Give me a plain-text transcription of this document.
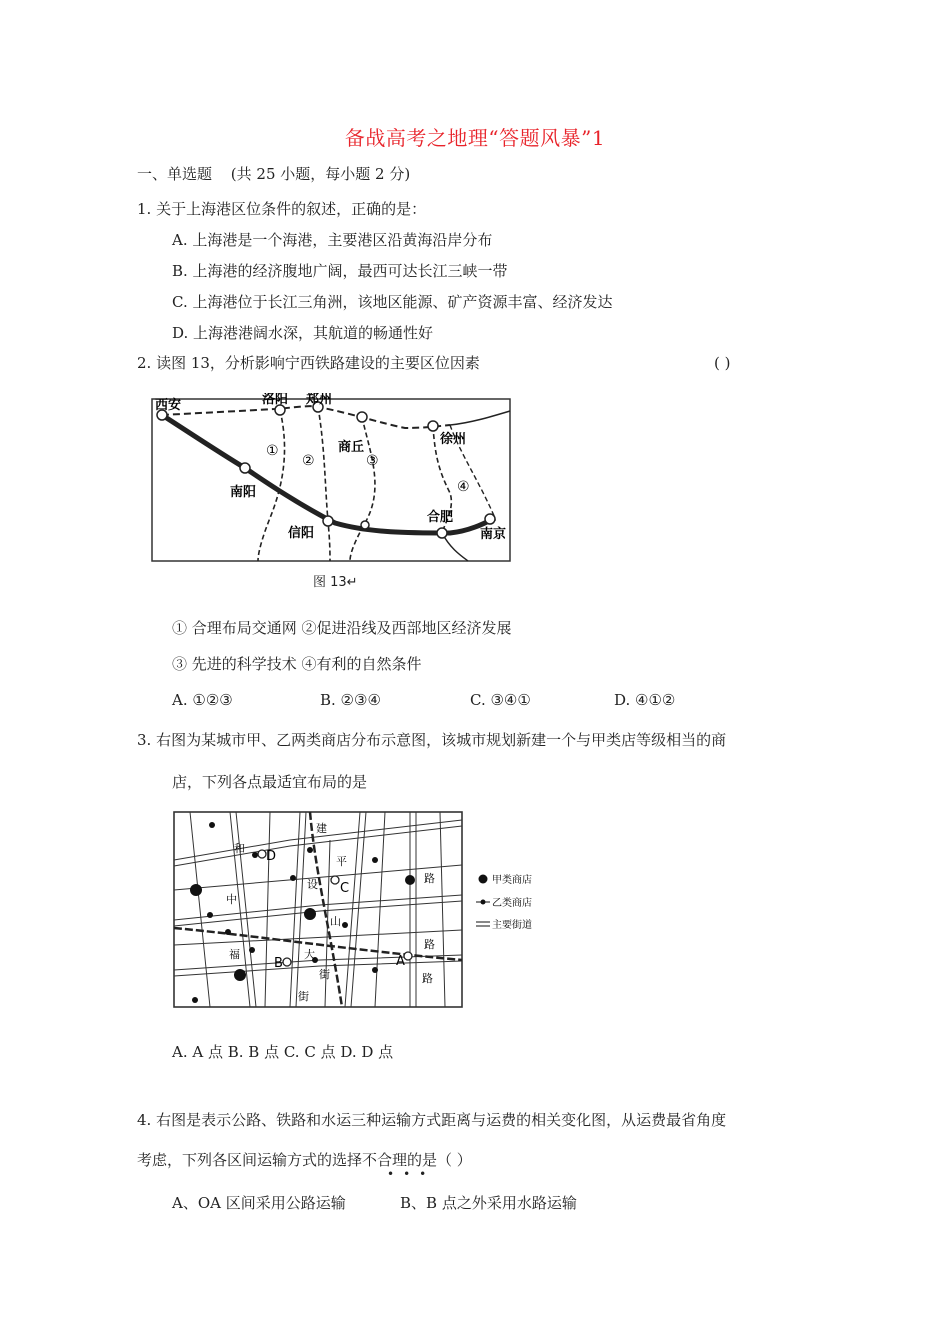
备战高考之地理“答题风暴”1
一、单选题 (共 25 小题，每小题 2 分)
1. 关于上海港区位条件的叙述，正确的是：
A. 上海港是一个海港，主要港区沿黄海沿岸分布
B. 上海港的经济腹地广阔，最西可达长江三峡一带
C. 上海港位于长江三角洲，该地区能源、矿产资源丰富、经济发达
D. 上海港港阔水深，其航道的畅通性好
2. 读图 13，分析影响宁西铁路建设的主要区位因素	( )
西安	洛阳 郑州
商丘
徐州
南阳
信阳
合肥
南京
①
②	③
④
图 13↵
① 合理布局交通网 ②促进沿线及西部地区经济发展
③ 先进的科学技术 ④有利的自然条件
A. ①②③	B. ②③④	C. ③④①	D. ④①②
3. 右图为某城市甲、乙两类商店分布示意图，该城市规划新建一个与甲类店等级相当的商
店，下列各点最适宜布局的是
D
C
B	A
建
和
平
设	路
中
山
路
福	大
街	路
街
甲类商店
乙类商店
主要街道
A. A 点 B. B 点 C. C 点 D. D 点
4. 右图是表示公路、铁路和水运三种运输方式距离与运费的相关变化图，从运费最省角度
考虑，下列各区间运输方式的选择不合理的是（ ）
•••
A、OA 区间采用公路运输	B、B 点之外采用水路运输
